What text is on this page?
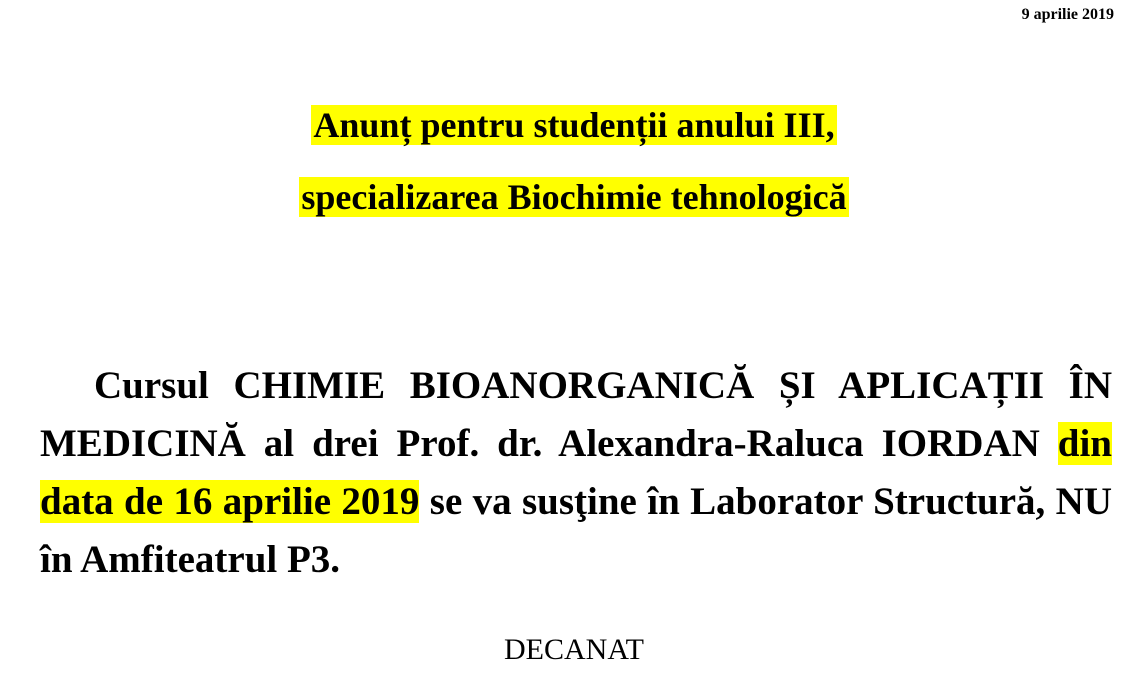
9 aprilie 2019
Anunț pentru studenții anului III,
specializarea Biochimie tehnologică

Cursul CHIMIE BIOANORGANICĂ ȘI APLICAȚII ÎN MEDICINĂ al drei Prof. dr. Alexandra-Raluca IORDAN din data de 16 aprilie 2019 se va susţine în Laborator Structură, NU în Amfiteatrul P3.

DECANAT
